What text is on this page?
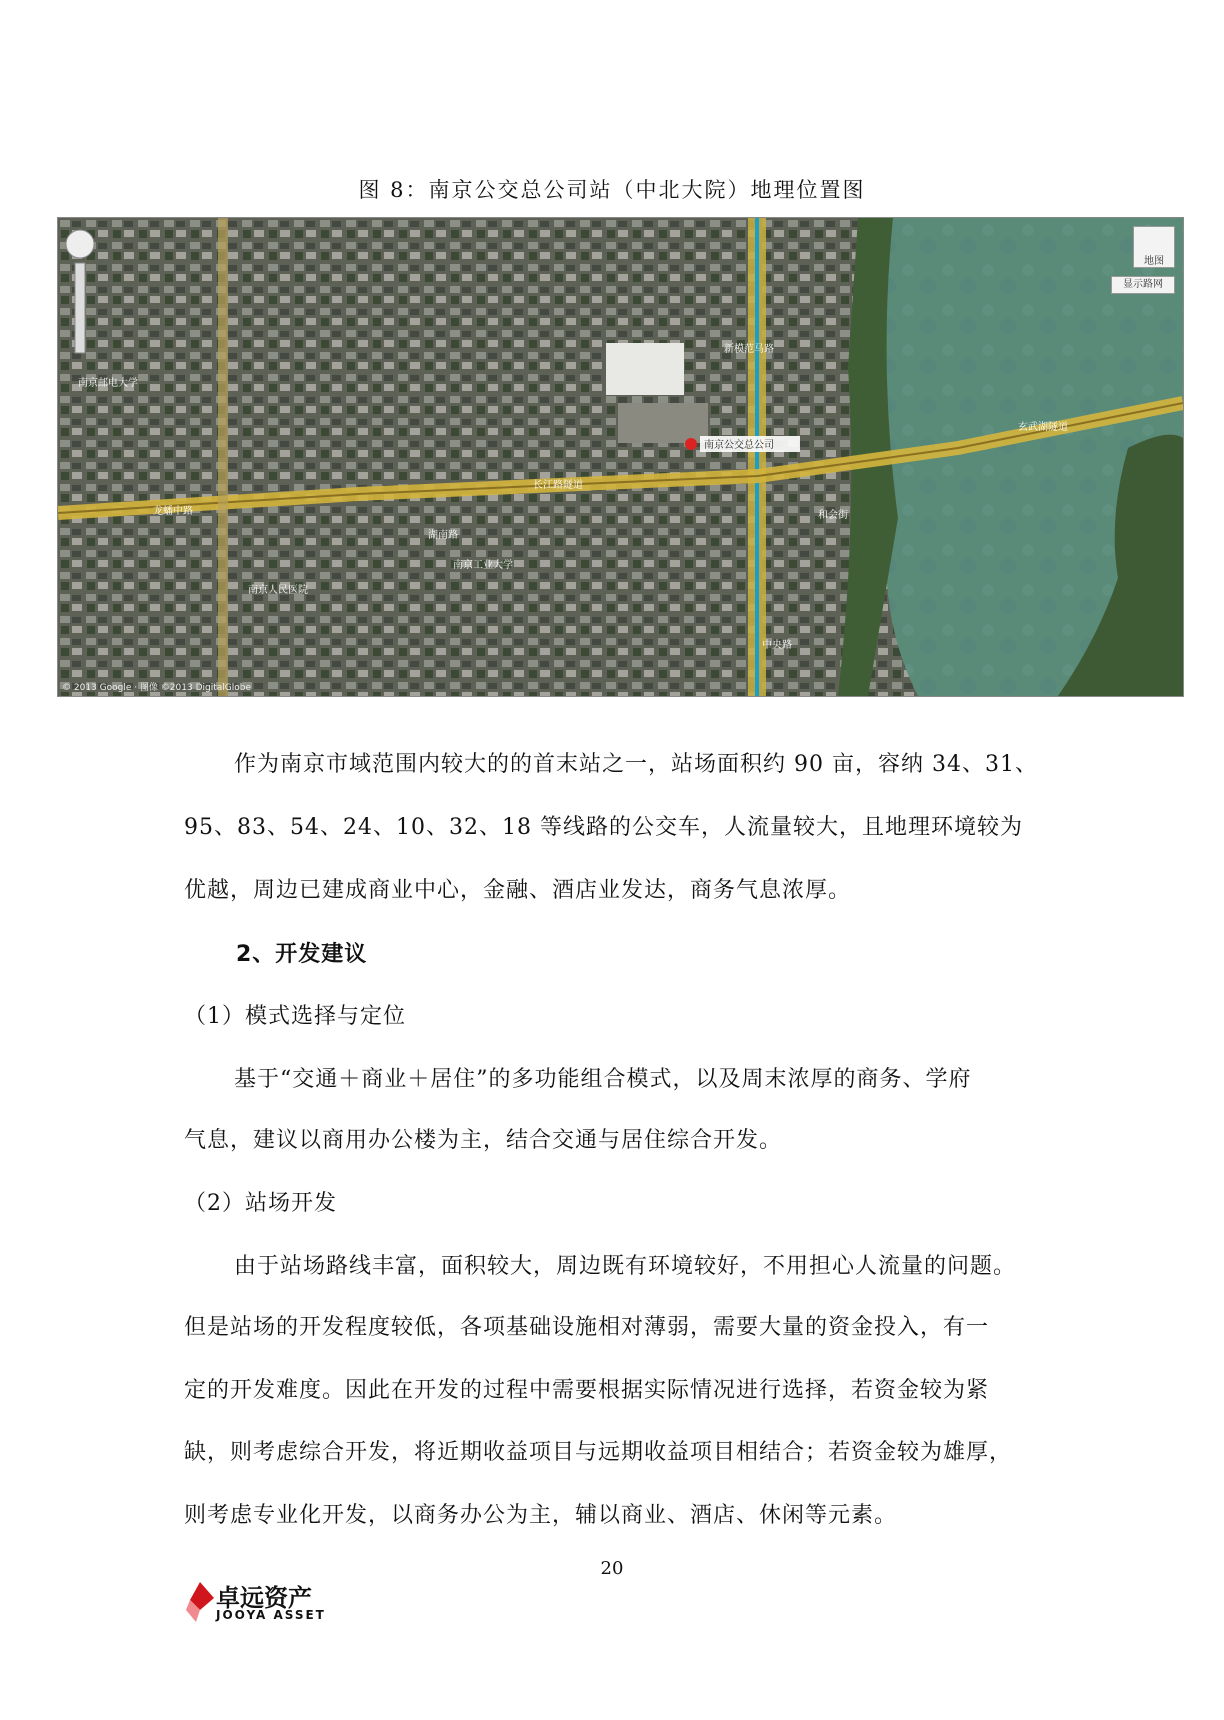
图 8：南京公交总公司站（中北大院）地理位置图
南京公交总公司
长江路隧道
玄武湖隧道
龙蟠中路
中央路
新模范马路
南京工业大学
南京邮电大学
湖南路
和会街
南京人民医院
© 2013 Google · 图像 ©2013 DigitalGlobe
地图
显示路网
作为南京市域范围内较大的的首末站之一，站场面积约 90 亩，容纳 34、31、
95、83、54、24、10、32、18 等线路的公交车，人流量较大，且地理环境较为
优越，周边已建成商业中心，金融、酒店业发达，商务气息浓厚。
2、开发建议
（1）模式选择与定位
基于“交通＋商业＋居住”的多功能组合模式，以及周末浓厚的商务、学府
气息，建议以商用办公楼为主，结合交通与居住综合开发。
（2）站场开发
由于站场路线丰富，面积较大，周边既有环境较好，不用担心人流量的问题。
但是站场的开发程度较低，各项基础设施相对薄弱，需要大量的资金投入，有一
定的开发难度。因此在开发的过程中需要根据实际情况进行选择，若资金较为紧
缺，则考虑综合开发，将近期收益项目与远期收益项目相结合；若资金较为雄厚，
则考虑专业化开发，以商务办公为主，辅以商业、酒店、休闲等元素。
20
卓远资产
JOOYA ASSET
